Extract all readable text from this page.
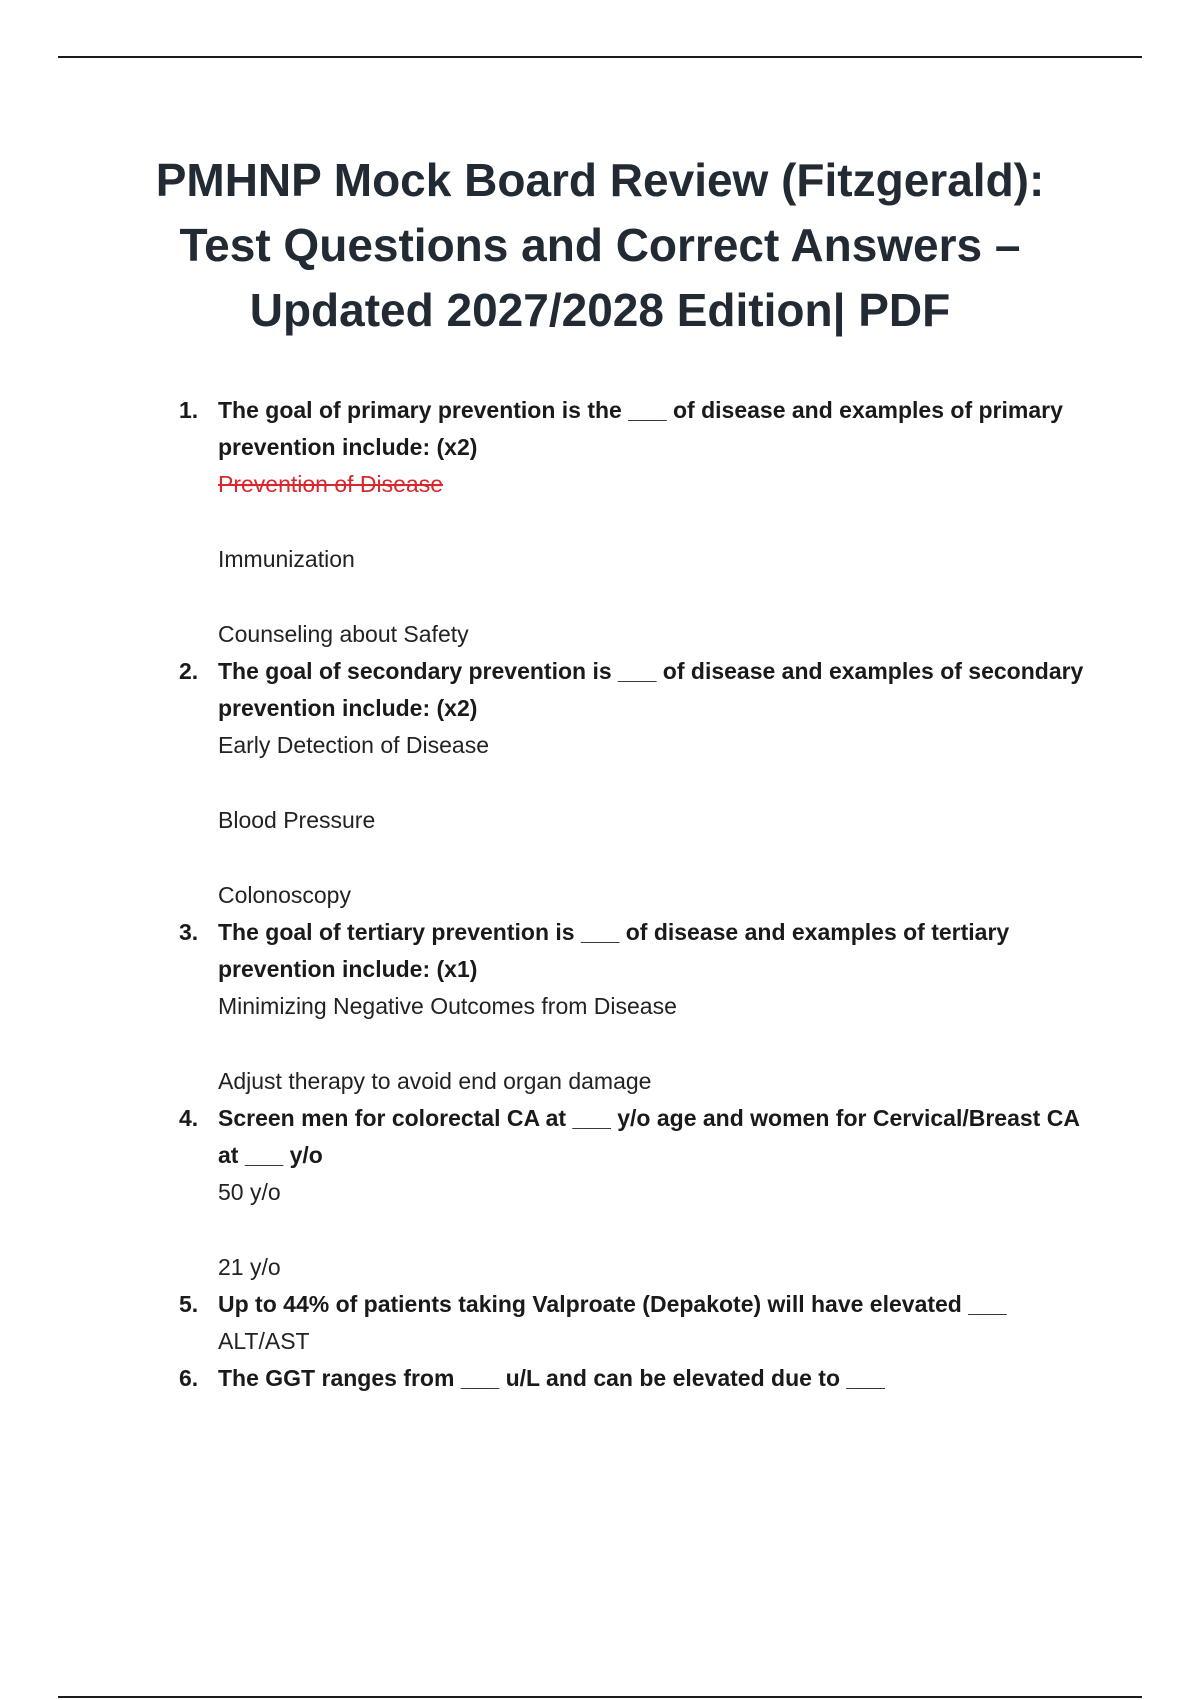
PMHNP Mock Board Review (Fitzgerald):
Test Questions and Correct Answers –
Updated 2027/2028 Edition| PDF
1. The goal of primary prevention is the ___ of disease and examples of primary prevention include: (x2)
Prevention of Disease
Immunization
Counseling about Safety
2. The goal of secondary prevention is ___ of disease and examples of secondary prevention include: (x2)
Early Detection of Disease
Blood Pressure
Colonoscopy
3. The goal of tertiary prevention is ___ of disease and examples of tertiary prevention include: (x1)
Minimizing Negative Outcomes from Disease
Adjust therapy to avoid end organ damage
4. Screen men for colorectal CA at ___ y/o age and women for Cervical/Breast CA at ___ y/o
50 y/o
21 y/o
5. Up to 44% of patients taking Valproate (Depakote) will have elevated ___
ALT/AST
6. The GGT ranges from ___ u/L and can be elevated due to ___
